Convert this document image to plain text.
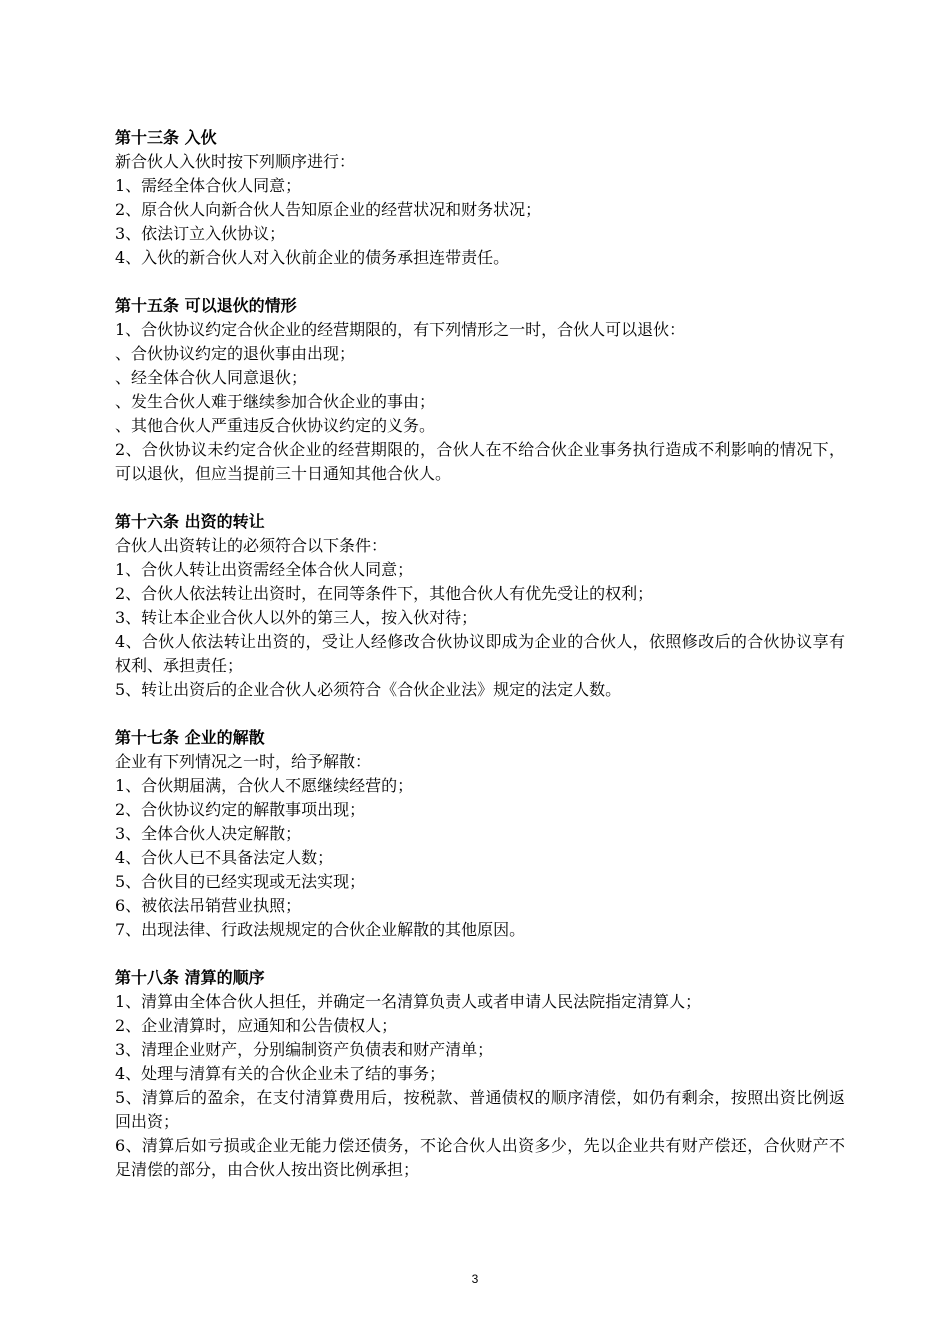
第十三条 入伙

新合伙人入伙时按下列顺序进行：

1、需经全体合伙人同意；

2、原合伙人向新合伙人告知原企业的经营状况和财务状况；

3、依法订立入伙协议；

4、入伙的新合伙人对入伙前企业的债务承担连带责任。

第十五条 可以退伙的情形

1、合伙协议约定合伙企业的经营期限的，有下列情形之一时，合伙人可以退伙：

、合伙协议约定的退伙事由出现；

、经全体合伙人同意退伙；

、发生合伙人难于继续参加合伙企业的事由；

、其他合伙人严重违反合伙协议约定的义务。

2、合伙协议未约定合伙企业的经营期限的，合伙人在不给合伙企业事务执行造成不利影响的情况下，可以退伙，但应当提前三十日通知其他合伙人。

第十六条 出资的转让

合伙人出资转让的必须符合以下条件：

1、合伙人转让出资需经全体合伙人同意；

2、合伙人依法转让出资时，在同等条件下，其他合伙人有优先受让的权利；

3、转让本企业合伙人以外的第三人，按入伙对待；

4、合伙人依法转让出资的，受让人经修改合伙协议即成为企业的合伙人，依照修改后的合伙协议享有权利、承担责任；

5、转让出资后的企业合伙人必须符合《合伙企业法》规定的法定人数。

第十七条 企业的解散

企业有下列情况之一时，给予解散：

1、合伙期届满，合伙人不愿继续经营的；

2、合伙协议约定的解散事项出现；

3、全体合伙人决定解散；

4、合伙人已不具备法定人数；

5、合伙目的已经实现或无法实现；

6、被依法吊销营业执照；

7、出现法律、行政法规规定的合伙企业解散的其他原因。

第十八条 清算的顺序

1、清算由全体合伙人担任，并确定一名清算负责人或者申请人民法院指定清算人；

2、企业清算时，应通知和公告债权人；

3、清理企业财产，分别编制资产负债表和财产清单；

4、处理与清算有关的合伙企业未了结的事务；

5、清算后的盈余，在支付清算费用后，按税款、普通债权的顺序清偿，如仍有剩余，按照出资比例返回出资；

6、清算后如亏损或企业无能力偿还债务，不论合伙人出资多少，先以企业共有财产偿还，合伙财产不足清偿的部分，由合伙人按出资比例承担；

3
